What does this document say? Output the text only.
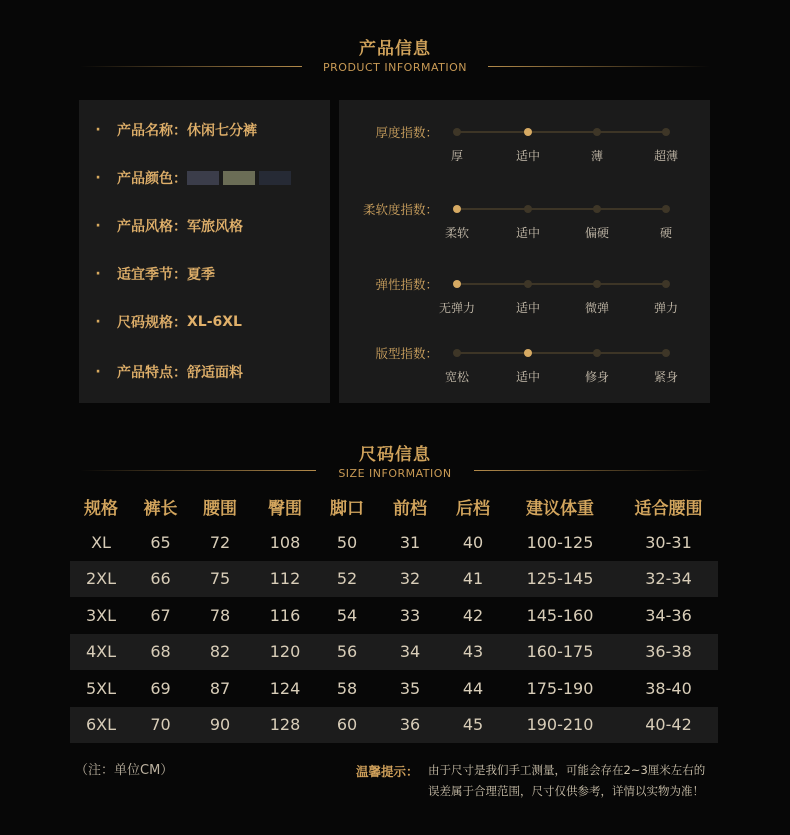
产品信息
PRODUCT INFORMATION
·	产品名称： 休闲七分裤
·	产品颜色：
·	产品风格： 军旅风格
·	适宜季节： 夏季
·	尺码规格： XL-6XL
·	产品特点： 舒适面料
厚度指数：
厚	适中	薄	超薄
柔软度指数：
柔软	适中	偏硬	硬
弹性指数：
无弹力	适中	微弹	弹力
版型指数：
宽松	适中	修身	紧身
尺码信息
SIZE INFORMATION
规格	裤长	腰围	臀围	脚口	前档	后档	建议体重	适合腰围
XL	65	72	108	50	31	40	100-125	30-31
2XL	66	75	112	52	32	41	125-145	32-34
3XL	67	78	116	54	33	42	145-160	34-36
4XL	68	82	120	56	34	43	160-175	36-38
5XL	69	87	124	58	35	44	175-190	38-40
6XL	70	90	128	60	36	45	190-210	40-42
（注：单位CM）	温馨提示： 由于尺寸是我们手工测量，可能会存在2~3厘米左右的
误差属于合理范围，尺寸仅供参考，详情以实物为准！
